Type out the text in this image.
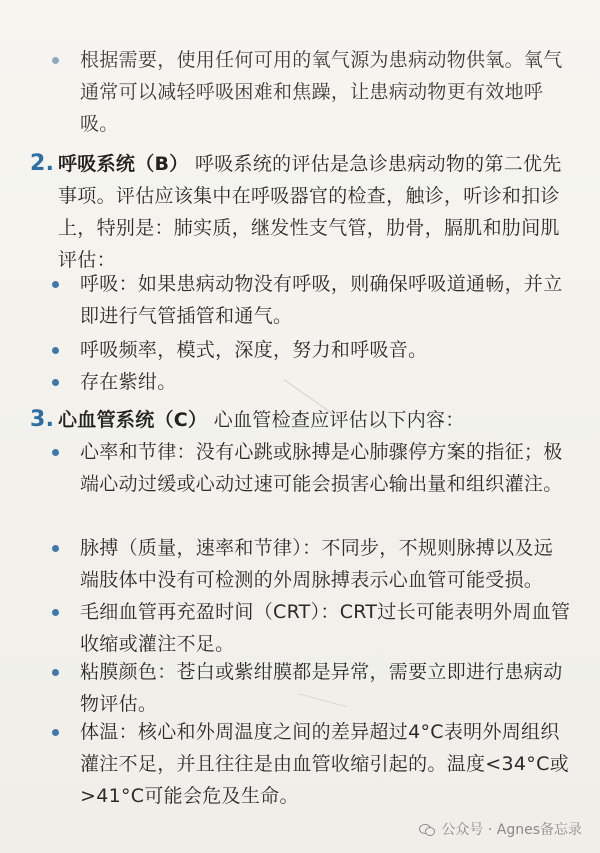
根据需要，使用任何可用的氧气源为患病动物供氧。氧气通常可以减轻呼吸困难和焦躁，让患病动物更有效地呼吸。
2. 呼吸系统（B） 呼吸系统的评估是急诊患病动物的第二优先事项。评估应该集中在呼吸器官的检查，触诊，听诊和扣诊上，特别是：肺实质，继发性支气管，肋骨，膈肌和肋间肌评估：
呼吸：如果患病动物没有呼吸，则确保呼吸道通畅，并立即进行气管插管和通气。
呼吸频率，模式，深度，努力和呼吸音。
存在紫绀。
3. 心血管系统（C） 心血管检查应评估以下内容：
心率和节律：没有心跳或脉搏是心肺骤停方案的指征；极端心动过缓或心动过速可能会损害心输出量和组织灌注。
脉搏（质量，速率和节律）：不同步，不规则脉搏以及远端肢体中没有可检测的外周脉搏表示心血管可能受损。
毛细血管再充盈时间（CRT）：CRT过长可能表明外周血管收缩或灌注不足。
粘膜颜色：苍白或紫绀膜都是异常，需要立即进行患病动物评估。
体温：核心和外周温度之间的差异超过4°C表明外周组织灌注不足，并且往往是由血管收缩引起的。温度<34°C或>41°C可能会危及生命。
公众号 · Agnes备忘录
